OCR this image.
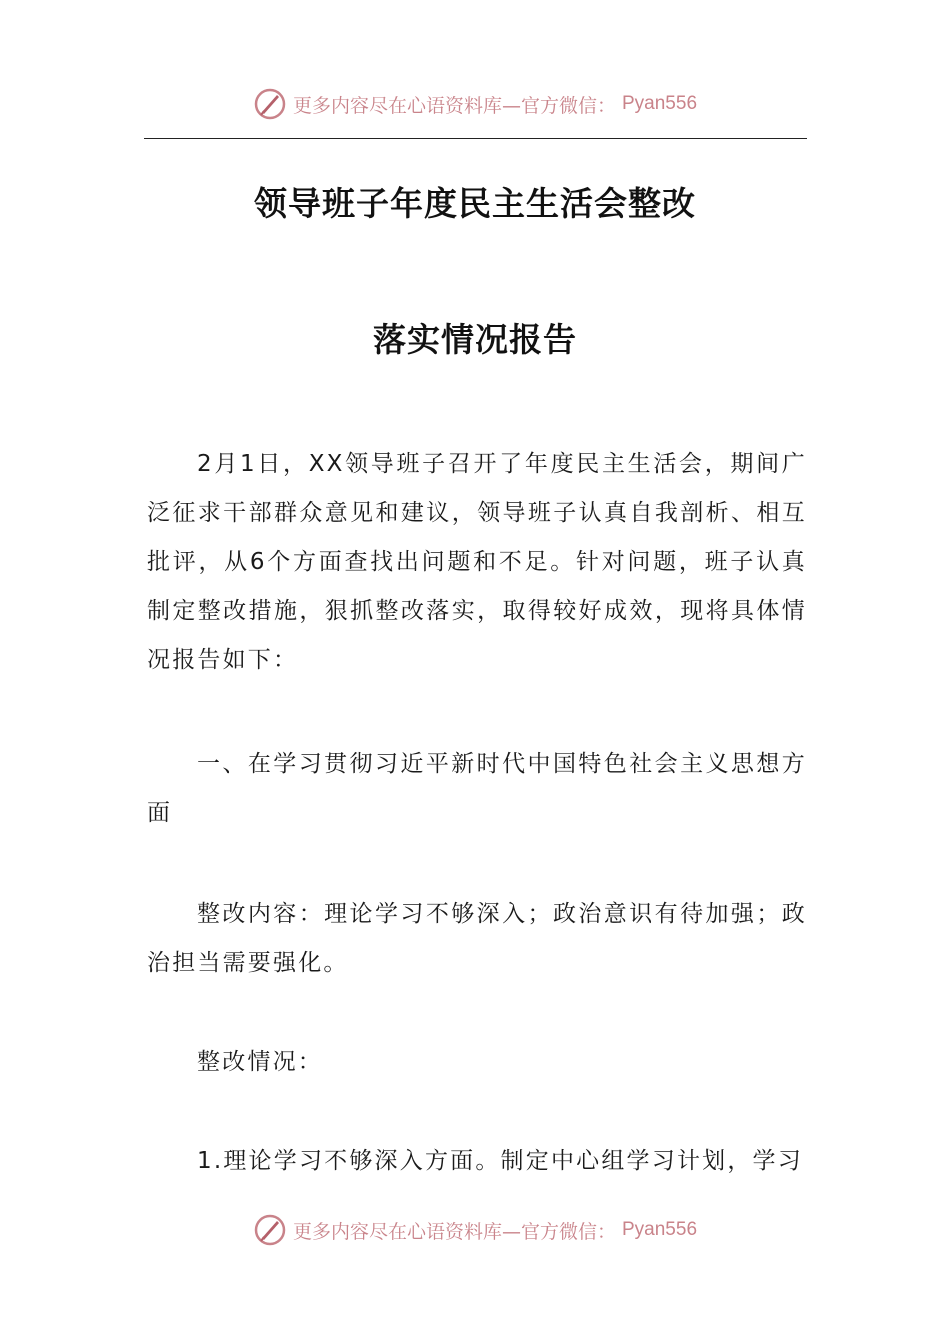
更多内容尽在心语资料库—官方微信： Pyan556
领导班子年度民主生活会整改
落实情况报告
2月1日，XX领导班子召开了年度民主生活会，期间广泛征求干部群众意见和建议，领导班子认真自我剖析、相互批评，从6个方面查找出问题和不足。针对问题，班子认真制定整改措施，狠抓整改落实，取得较好成效，现将具体情况报告如下：
一、在学习贯彻习近平新时代中国特色社会主义思想方面
整改内容：理论学习不够深入；政治意识有待加强；政治担当需要强化。
整改情况：
1.理论学习不够深入方面。制定中心组学习计划，学习
更多内容尽在心语资料库—官方微信： Pyan556
